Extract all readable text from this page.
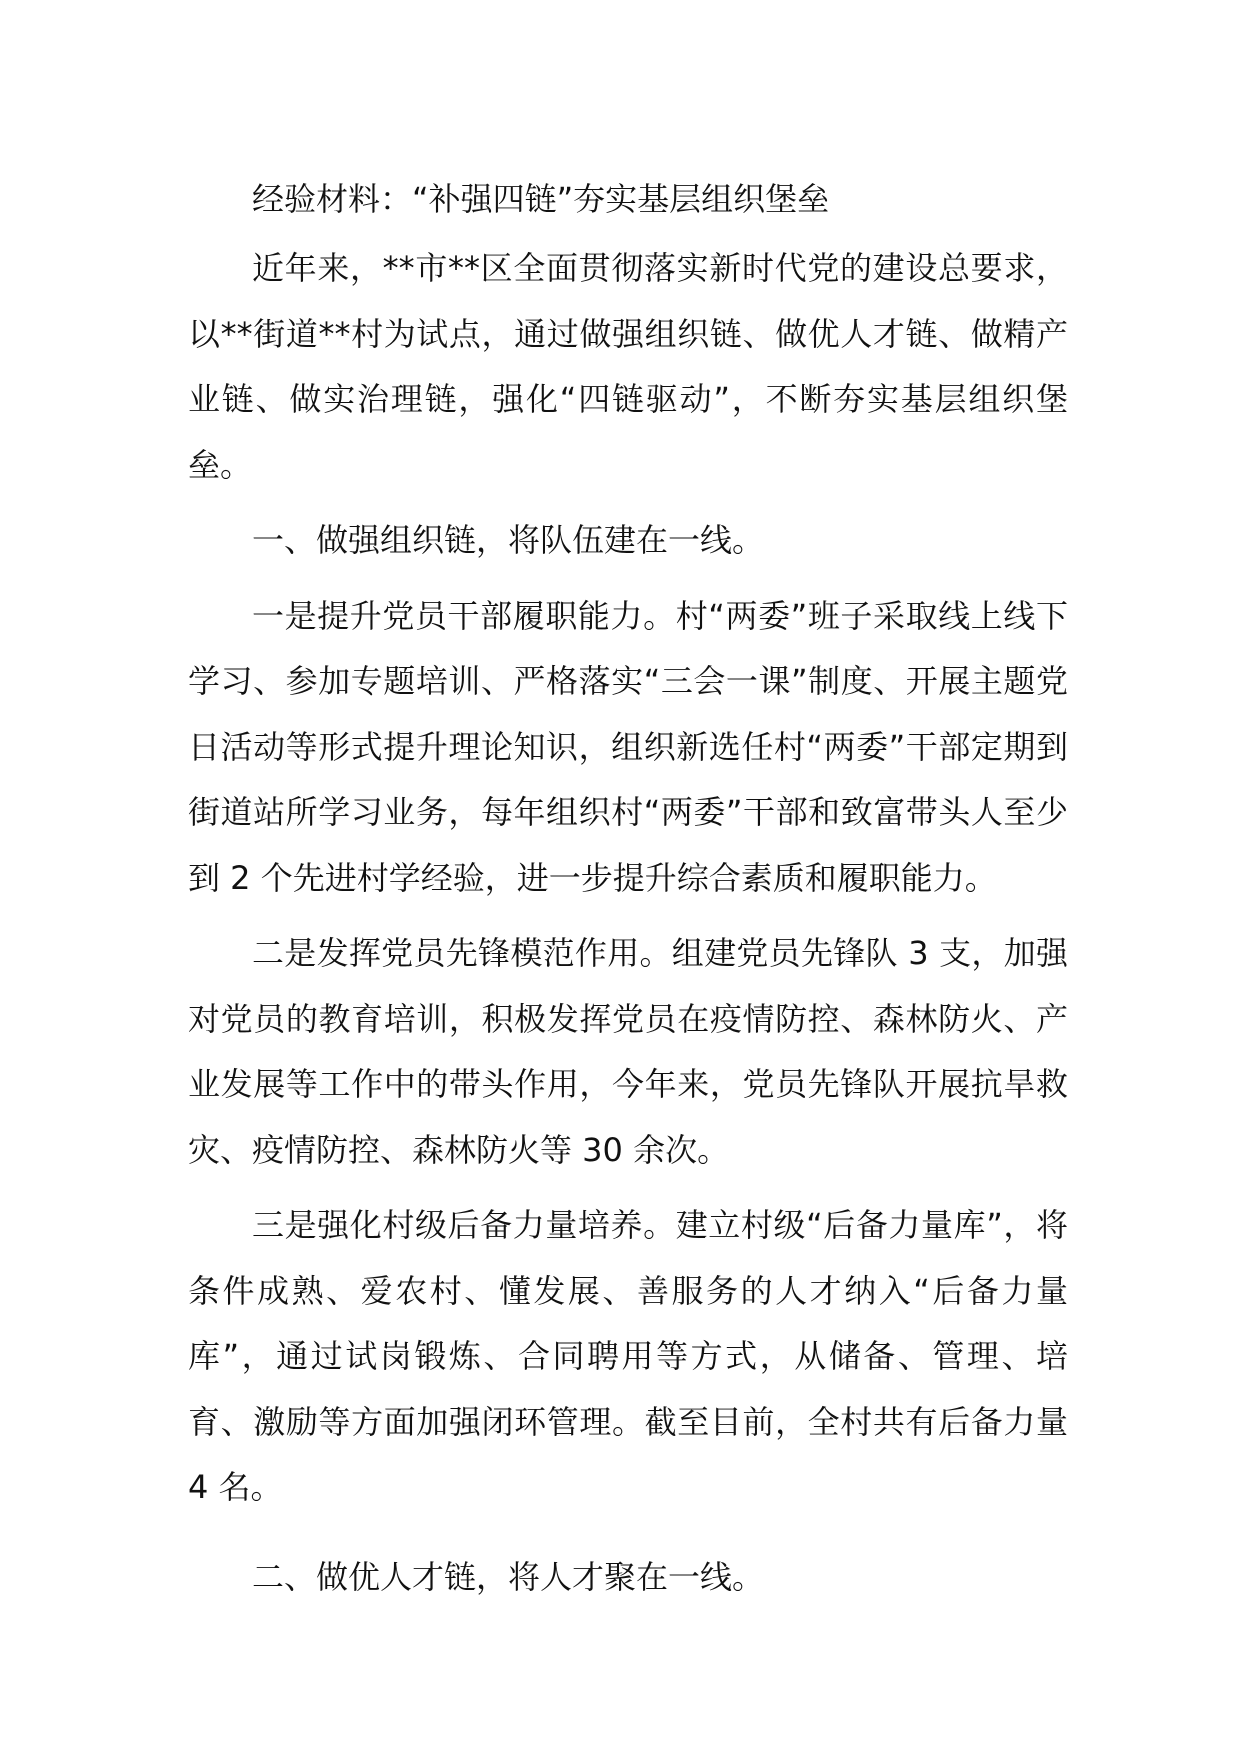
经验材料：“补强四链”夯实基层组织堡垒

近年来，**市**区全面贯彻落实新时代党的建设总要求，以**街道**村为试点，通过做强组织链、做优人才链、做精产业链、做实治理链，强化“四链驱动”，不断夯实基层组织堡垒。

一、做强组织链，将队伍建在一线。

一是提升党员干部履职能力。村“两委”班子采取线上线下学习、参加专题培训、严格落实“三会一课”制度、开展主题党日活动等形式提升理论知识，组织新选任村“两委”干部定期到街道站所学习业务，每年组织村“两委”干部和致富带头人至少到 2 个先进村学经验，进一步提升综合素质和履职能力。

二是发挥党员先锋模范作用。组建党员先锋队 3 支，加强对党员的教育培训，积极发挥党员在疫情防控、森林防火、产业发展等工作中的带头作用，今年来，党员先锋队开展抗旱救灾、疫情防控、森林防火等 30 余次。

三是强化村级后备力量培养。建立村级“后备力量库”，将条件成熟、爱农村、懂发展、善服务的人才纳入“后备力量库”，通过试岗锻炼、合同聘用等方式，从储备、管理、培育、激励等方面加强闭环管理。截至目前，全村共有后备力量 4 名。

二、做优人才链，将人才聚在一线。
